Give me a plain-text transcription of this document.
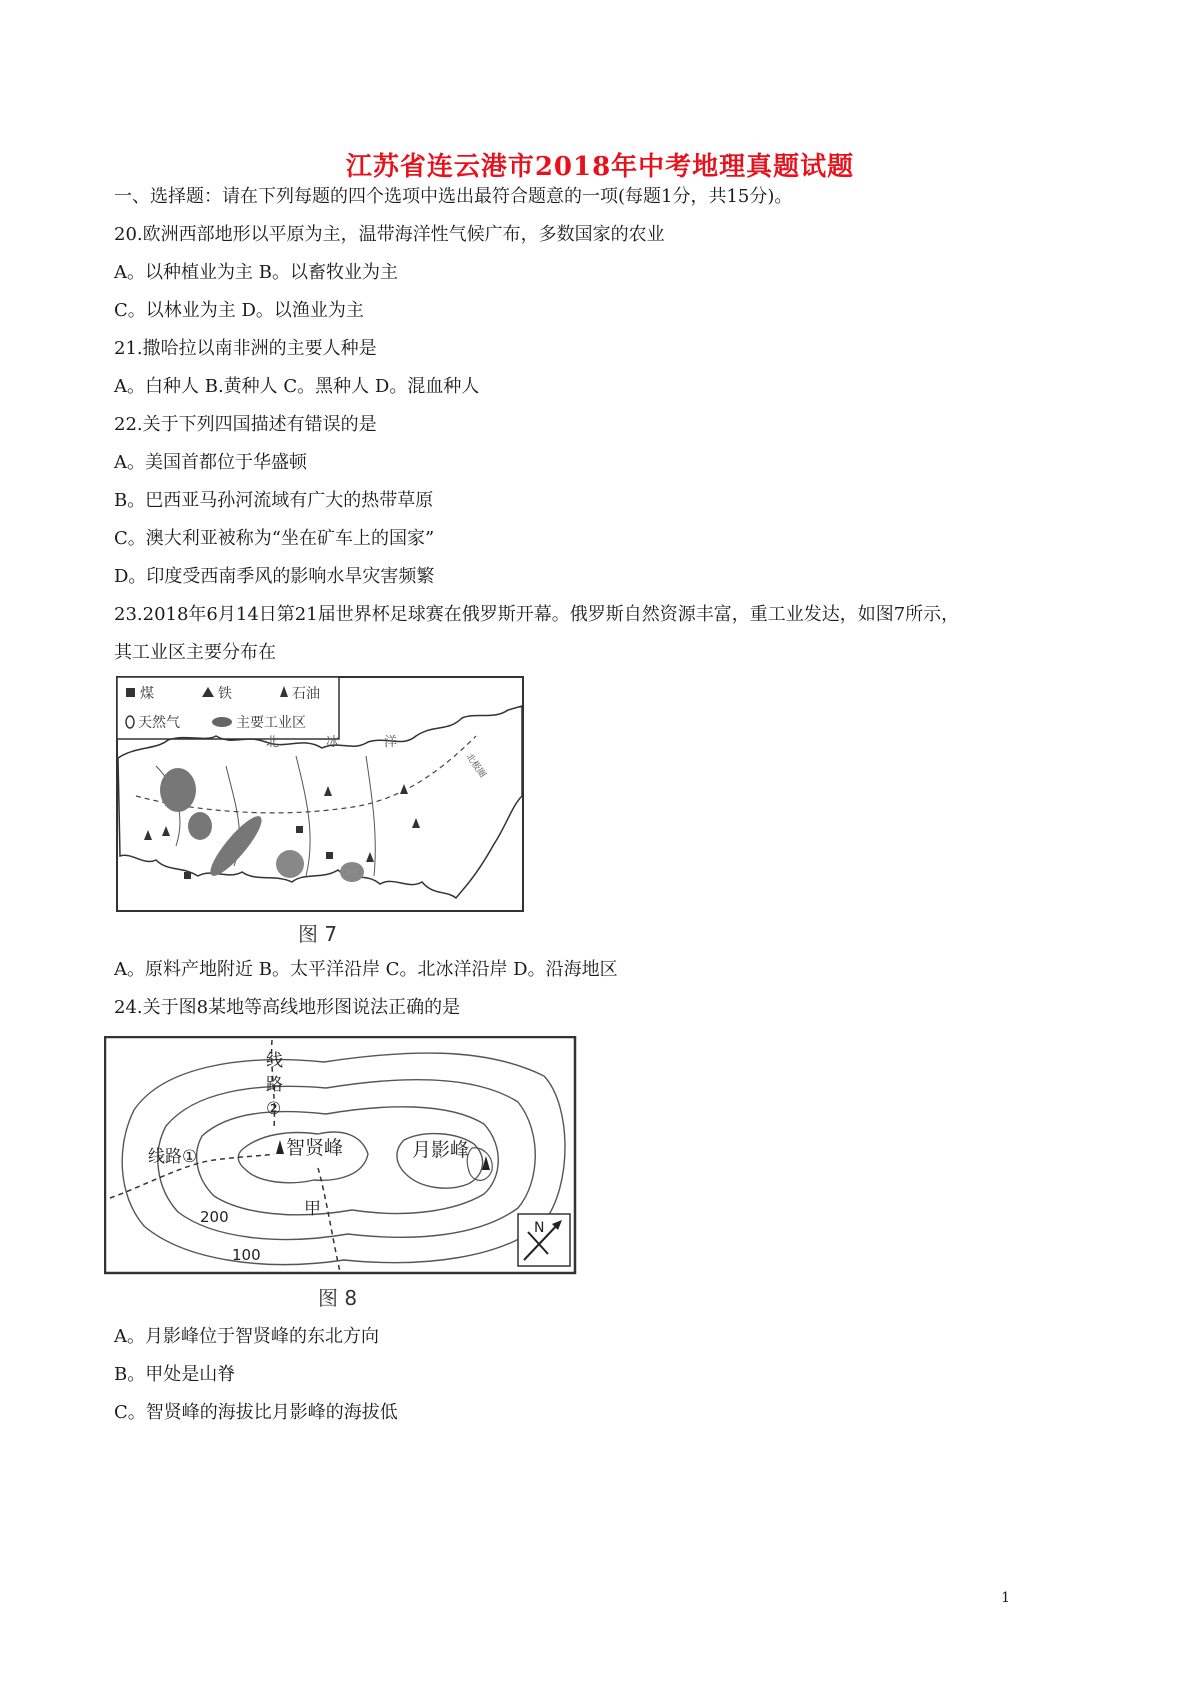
江苏省连云港市2018年中考地理真题试题
一、选择题：请在下列每题的四个选项中选出最符合题意的一项(每题1分，共15分)。
20.欧洲西部地形以平原为主，温带海洋性气候广布，多数国家的农业
A。以种植业为主 B。以畜牧业为主
C。以林业为主 D。以渔业为主
21.撒哈拉以南非洲的主要人种是
A。白种人 B.黄种人 C。黑种人 D。混血种人
22.关于下列四国描述有错误的是
A。美国首都位于华盛顿
B。巴西亚马孙河流域有广大的热带草原
C。澳大利亚被称为“坐在矿车上的国家”
D。印度受西南季风的影响水旱灾害频繁
23.2018年6月14日第21届世界杯足球赛在俄罗斯开幕。俄罗斯自然资源丰富，重工业发达，如图7所示，
其工业区主要分布在
煤	铁	石油
天然气	主要工业区
北	冰	洋
北极圈
图 7
A。原料产地附近 B。太平洋沿岸 C。北冰洋沿岸 D。沿海地区
24.关于图8某地等高线地形图说法正确的是
智贤峰	月影峰
线路①
线
路
②
甲
200
100
N
图 8
A。月影峰位于智贤峰的东北方向
B。甲处是山脊
C。智贤峰的海拔比月影峰的海拔低
1
